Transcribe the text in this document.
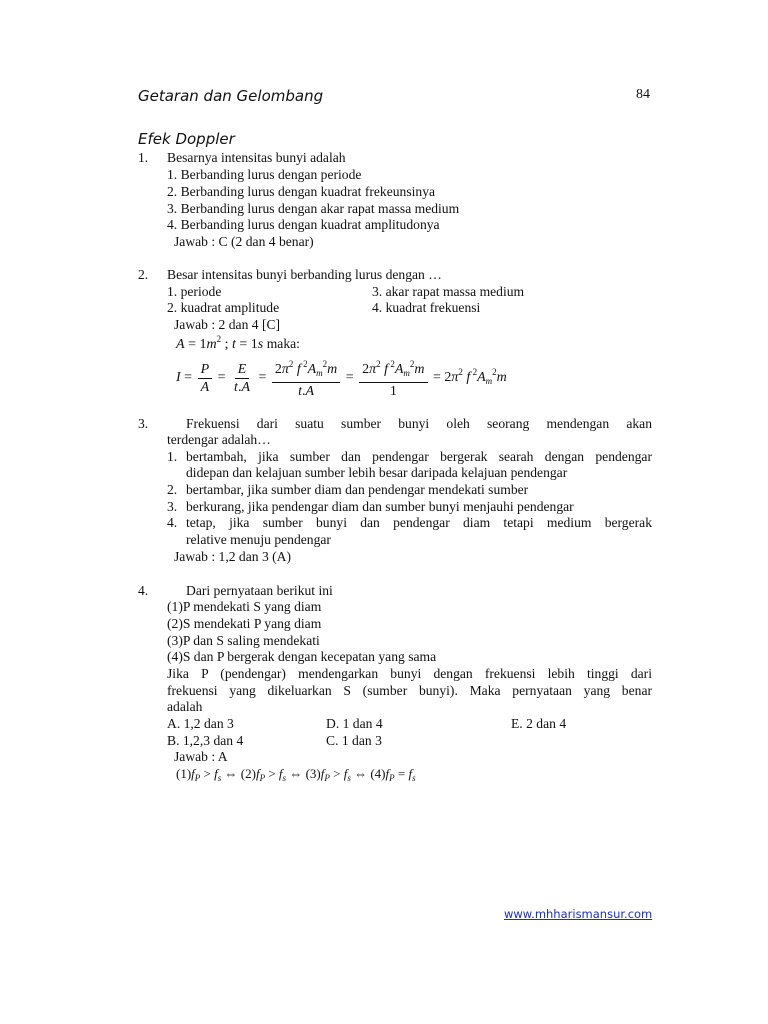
Getaran dan Gelombang	84
Efek Doppler
1. Besarnya intensitas bunyi adalah
1. Berbanding lurus dengan periode
2. Berbanding lurus dengan kuadrat frekeunsinya
3. Berbanding lurus dengan akar rapat massa medium
4. Berbanding lurus dengan kuadrat amplitudonya
Jawab : C (2 dan 4 benar)
2. Besar intensitas bunyi berbanding lurus dengan …
1. periode	3. akar rapat massa medium
2. kuadrat amplitude	4. kuadrat frekuensi
Jawab : 2 dan 4 [C]
$A = 1m^2$ ; t = 1s maka:
$I = \frac{P}{A} = \frac{E}{t.A} = \frac{2\pi^2 f ^2A_m^2m}{t.A} = \frac{2\pi^2 f ^2A_m^2m}{1} = 2\pi^2$ f $^2A_m^2m$
3.	Frekuensi dari suatu sumber bunyi oleh seorang mendengan akan
terdengar adalah…
1. bertambah, jika sumber dan pendengar bergerak searah dengan pendengar
didepan dan kelajuan sumber lebih besar daripada kelajuan pendengar
2. bertambar, jika sumber diam dan pendengar mendekati sumber
3. berkurang, jika pendengar diam dan sumber bunyi menjauhi pendengar
4. tetap, jika sumber bunyi dan pendengar diam tetapi medium bergerak
relative menuju pendengar
Jawab : 1,2 dan 3 (A)
4.	Dari pernyataan berikut ini
(1)P mendekati S yang diam
(2)S mendekati P yang diam
(3)P dan S saling mendekati
(4)S dan P bergerak dengan kecepatan yang sama
Jika P (pendengar) mendengarkan bunyi dengan frekuensi lebih tinggi dari
frekuensi yang dikeluarkan S (sumber bunyi). Maka pernyataan yang benar
adalah
A. 1,2 dan 3	D. 1 dan 4	E. 2 dan 4
B. 1,2,3 dan 4	C. 1 dan 3
Jawab : A
$(1)f_P > f_s$ ⇔ $(2)f_P > f_s$ ⇔ $(3)f_P > f_s$ ⇔ $(4)f_P = f_s$
www.mhharismansur.com
